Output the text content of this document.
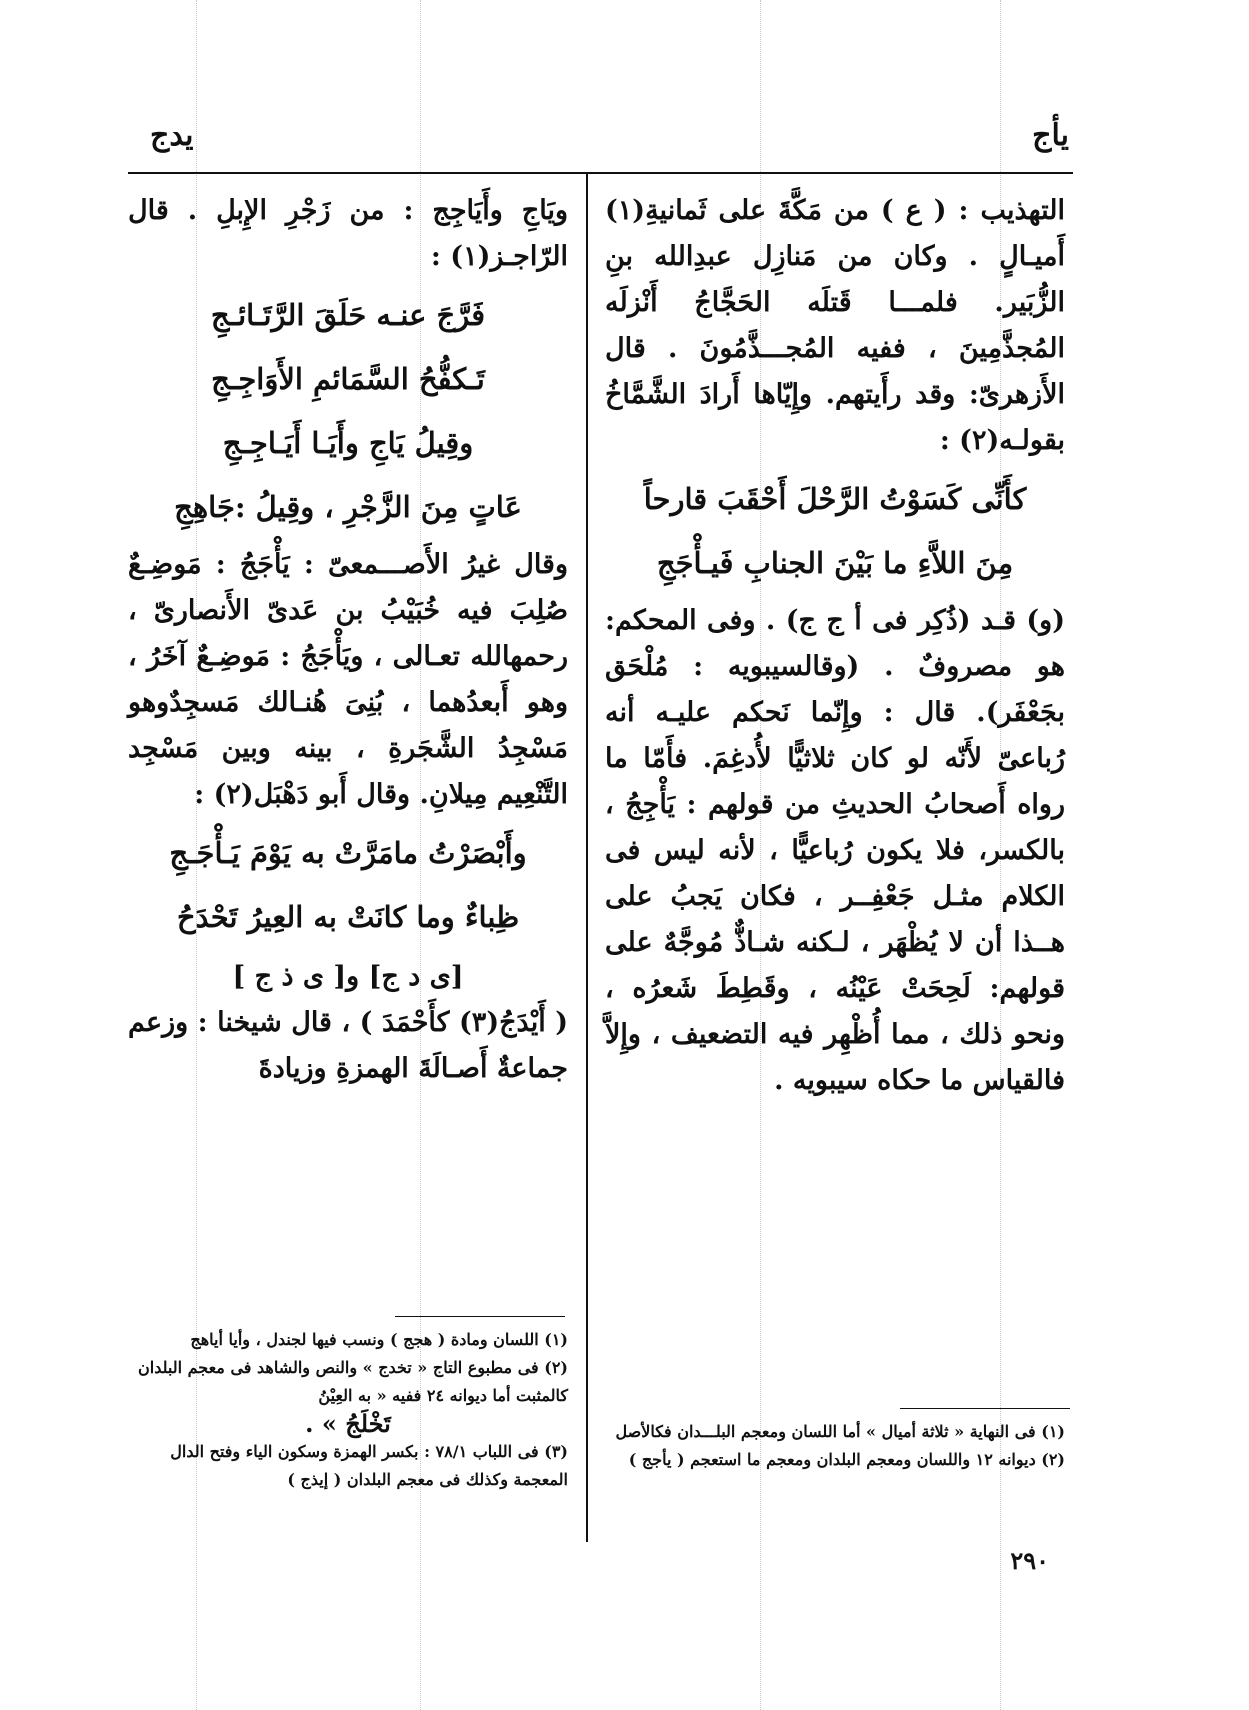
يأج
يدج

التهذيب : ( ع ) من مَكَّةَ على ثَمانيةِ(١) أَميـالٍ . وكان من مَنازِل عبدِالله بنِ الزُّبَير. فلمـــا قَتلَه الحَجَّاجُ أَنْزلَه المُجذَّمِينَ ، ففيه المُجـــذَّمُونَ . قال الأَزهرىّ: وقد رأَيتهم. وإِيّاها أَرادَ الشَّمَّاخُ بقولـه(٢) :

كأَنِّى كَسَوْتُ الرَّحْلَ أَحْقَبَ قارحاً
مِنَ اللاَّءِ ما بَيْنَ الجنابِ فَيـأْجَجِ

(و) قـد (ذُكِر فى أ ج ج) . وفى المحكم: هو مصروفٌ . (وقالسيبويه : مُلْحَق بجَعْفَر). قال : وإِنّما نَحكم عليـه أنه رُباعىّ لأَنّه لو كان ثلاثيًّا لأُدغِمَ. فأَمّا ما رواه أَصحابُ الحديثِ من قولهم : يَأْجِجُ ، بالكسر، فلا يكون رُباعيًّا ، لأنه ليس فى الكلام مثـل جَعْفِــر ، فكان يَجبُ على هــذا أن لا يُظْهَر ، لـكنه شـاذٌّ مُوجَّهٌ على قولهم: لَحِحَتْ عَيْنُه ، وقَطِطَ شَعرُه ، ونحو ذلك ، مما أُظْهِر فيه التضعيف ، وإِلاَّ فالقياس ما حكاه سيبويه .

ويَاجِ وأَيَاجِج : من زَجْرِ الإِبلِ . قال الرّاجـز(١) :

فَرَّجَ عنـه حَلَقَ الرَّتَـائـجِ
تَـكفُّحُ السَّمَائمِ الأَوَاجِـجِ
وقِيلُ يَاجِ وأَيَـا أَيَـاجِـجِ
عَاتٍ مِنَ الزَّجْرِ ، وقِيلُ :جَاهِجِ

وقال غيرُ الأَصـــمعىّ : يَأْجَجُ : مَوضِـعٌ صُلِبَ فيه خُبَيْبُ بن عَدىّ الأَنصارىّ ، رحمهالله تعـالى ، ويَأْجَجُ : مَوضِـعٌ آخَرُ ، وهو أَبعدُهما ، بُنِىَ هُنـالك مَسجِدٌوهو مَسْجِدُ الشَّجَرةِ ، بينه وبين مَسْجِد التَّنْعِيم مِيلانِ. وقال أَبو دَهْبَل(٢) :

وأَبْصَرْتُ مامَرَّتْ به يَوْمَ يَـأْجَـجِ
ظِباءٌ وما كانَتْ به العِيرُ تَحْدَحُ
[ى د ج] و[ ى ذ ج ]

( أَيْدَجُ(٣) كأَحْمَدَ ) ، قال شيخنا : وزعم جماعةٌ أَصـالَةَ الهمزةِ وزيادةَ

(١) اللسان ومادة ( هجج ) ونسب فيها لجندل ، وأيا أياهج
(٢) فى مطبوع التاج « تخدج » والنص والشاهد فى معجم البلدان كالمثبت أما ديوانه ٢٤ ففيه « به العِيْنُ
تَخْلَجُ » .
(٣) فى اللباب ٧٨/١ : بكسر الهمزة وسكون الياء وفتح الدال المعجمة وكذلك فى معجم البلدان ( إيذج )
(١) فى النهاية « ثلاثة أميال » أما اللسان ومعجم البلـــدان فكالأصل
(٢) ديوانه ١٢ واللسان ومعجم البلدان ومعجم ما استعجم ( يأجج )
٢٩٠
